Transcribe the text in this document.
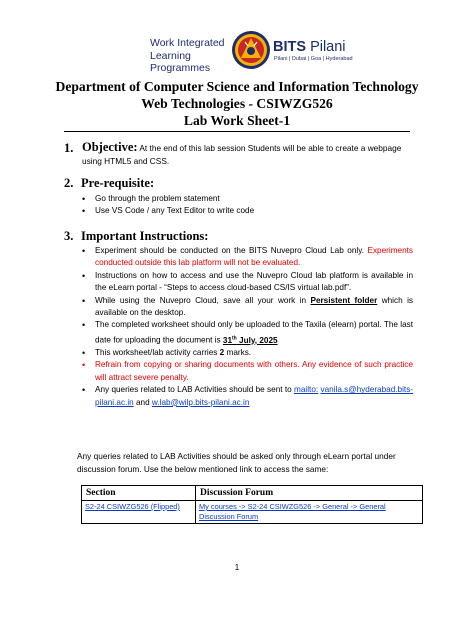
Work Integrated
Learning Programmes
BITS Pilani
Pilani | Dubai | Goa | Hyderabad
Department of Computer Science and Information Technology
Web Technologies - CSIWZG526
Lab Work Sheet-1
1. Objective: At the end of this lab session Students will be able to create a webpage using HTML5 and CSS.
2. Pre-requisite:
• Go through the problem statement
• Use VS Code / any Text Editor to write code
3. Important Instructions:
• Experiment should be conducted on the BITS Nuvepro Cloud Lab only. Experiments conducted outside this lab platform will not be evaluated.
• Instructions on how to access and use the Nuvepro Cloud lab platform is available in the eLearn portal - “Steps to access cloud-based CS/IS virtual lab.pdf”.
• While using the Nuvepro Cloud, save all your work in Persistent folder which is available on the desktop.
• The completed worksheet should only be uploaded to the Taxila (elearn) portal. The last date for uploading the document is 31th July, 2025
• This worksheet/lab activity carries 2 marks.
• Refrain from copying or sharing documents with others. Any evidence of such practice will attract severe penalty.
• Any queries related to LAB Activities should be sent to mailto: vanila.s@hyderabad.bits-pilani.ac.in and w.lab@wilp.bits-pilani.ac.in
Any queries related to LAB Activities should be asked only through eLearn portal under discussion forum. Use the below mentioned link to access the same:
Section	Discussion Forum
S2-24 CSIWZG526 (Flipped)	My courses -> S2-24 CSIWZG526 -> General -> General Discussion Forum
1
